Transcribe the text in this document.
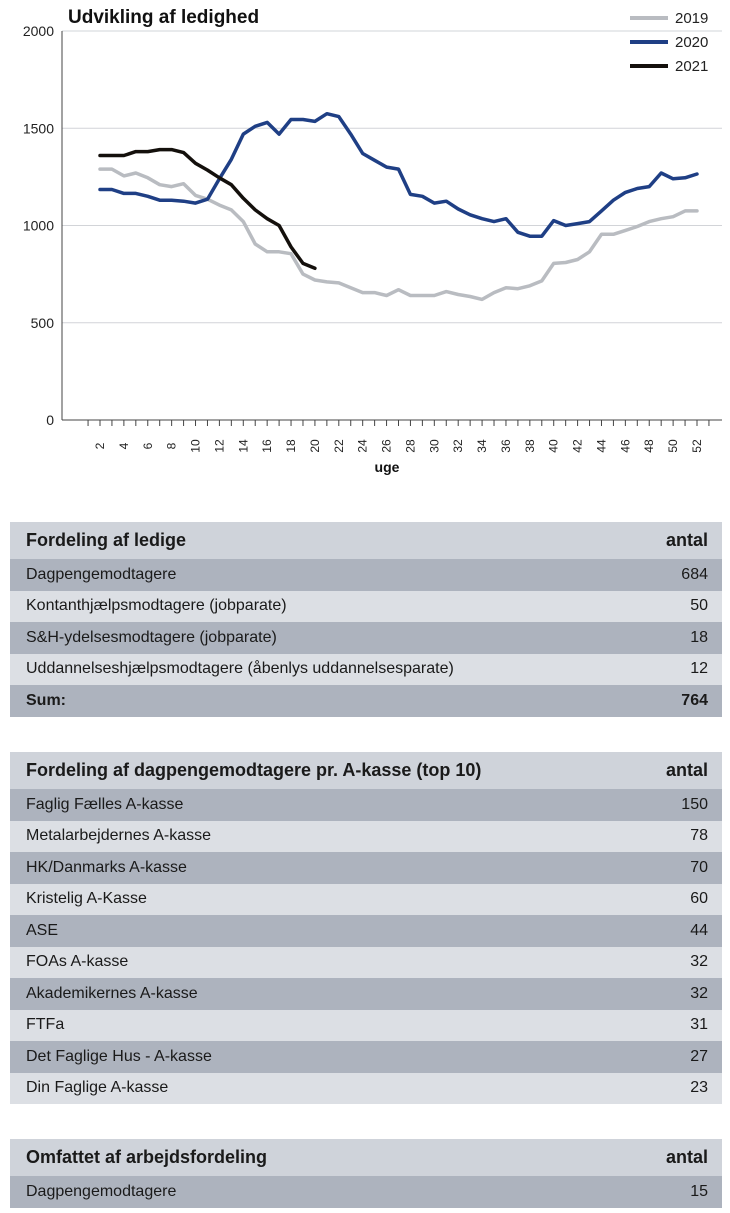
0
500
1000
1500
2000
2 4 6 8 10 12 14 16 18 20 22 24 26 28 30 32 34 36 38 40 42 44 46 48 50 52
Udvikling af ledighed
uge
2019
2020
2021
Fordeling af ledige	antal
Dagpengemodtagere	684
Kontanthjælpsmodtagere (jobparate)	50
S&H-ydelsesmodtagere (jobparate)	18
Uddannelseshjælpsmodtagere (åbenlys uddannelsesparate)	12
Sum:	764
Fordeling af dagpengemodtagere pr. A-kasse (top 10)	antal
Faglig Fælles A-kasse	150
Metalarbejdernes A-kasse	78
HK/Danmarks A-kasse	70
Kristelig A-Kasse	60
ASE	44
FOAs A-kasse	32
Akademikernes A-kasse	32
FTFa	31
Det Faglige Hus - A-kasse	27
Din Faglige A-kasse	23
Omfattet af arbejdsfordeling	antal
Dagpengemodtagere	15
